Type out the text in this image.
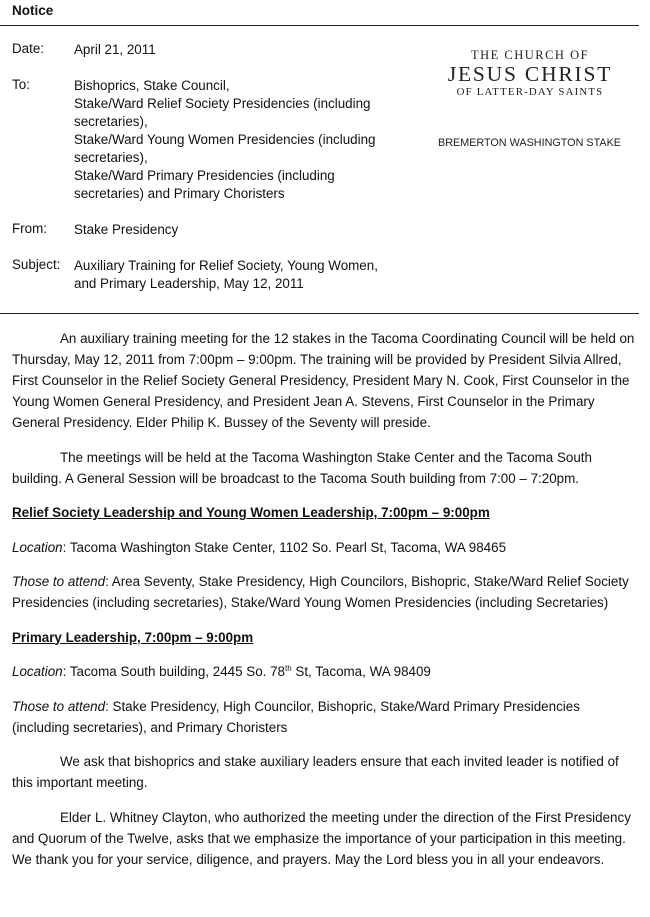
Notice
Date: April 21, 2011
To:	Bishoprics, Stake Council,
Stake/Ward Relief Society Presidencies (including
secretaries),
Stake/Ward Young Women Presidencies (including
secretaries),
Stake/Ward Primary Presidencies (including
secretaries) and Primary Choristers
From: Stake Presidency
Subject: Auxiliary Training for Relief Society, Young Women,
and Primary Leadership, May 12, 2011
THE CHURCH OF
JESUS CHRIST
OF LATTER-DAY SAINTS
BREMERTON WASHINGTON STAKE

An auxiliary training meeting for the 12 stakes in the Tacoma Coordinating Council will be held on Thursday, May 12, 2011 from 7:00pm – 9:00pm. The training will be provided by President Silvia Allred, First Counselor in the Relief Society General Presidency, President Mary N. Cook, First Counselor in the Young Women General Presidency, and President Jean A. Stevens, First Counselor in the Primary General Presidency. Elder Philip K. Bussey of the Seventy will preside.

The meetings will be held at the Tacoma Washington Stake Center and the Tacoma South building. A General Session will be broadcast to the Tacoma South building from 7:00 – 7:20pm.

Relief Society Leadership and Young Women Leadership, 7:00pm – 9:00pm

Location: Tacoma Washington Stake Center, 1102 So. Pearl St, Tacoma, WA 98465

Those to attend: Area Seventy, Stake Presidency, High Councilors, Bishopric, Stake/Ward Relief Society Presidencies (including secretaries), Stake/Ward Young Women Presidencies (including Secretaries)

Primary Leadership, 7:00pm – 9:00pm

Location: Tacoma South building, 2445 So. 78th St, Tacoma, WA 98409

Those to attend: Stake Presidency, High Councilor, Bishopric, Stake/Ward Primary Presidencies (including secretaries), and Primary Choristers

We ask that bishoprics and stake auxiliary leaders ensure that each invited leader is notified of this important meeting.

Elder L. Whitney Clayton, who authorized the meeting under the direction of the First Presidency and Quorum of the Twelve, asks that we emphasize the importance of your participation in this meeting. We thank you for your service, diligence, and prayers. May the Lord bless you in all your endeavors.
